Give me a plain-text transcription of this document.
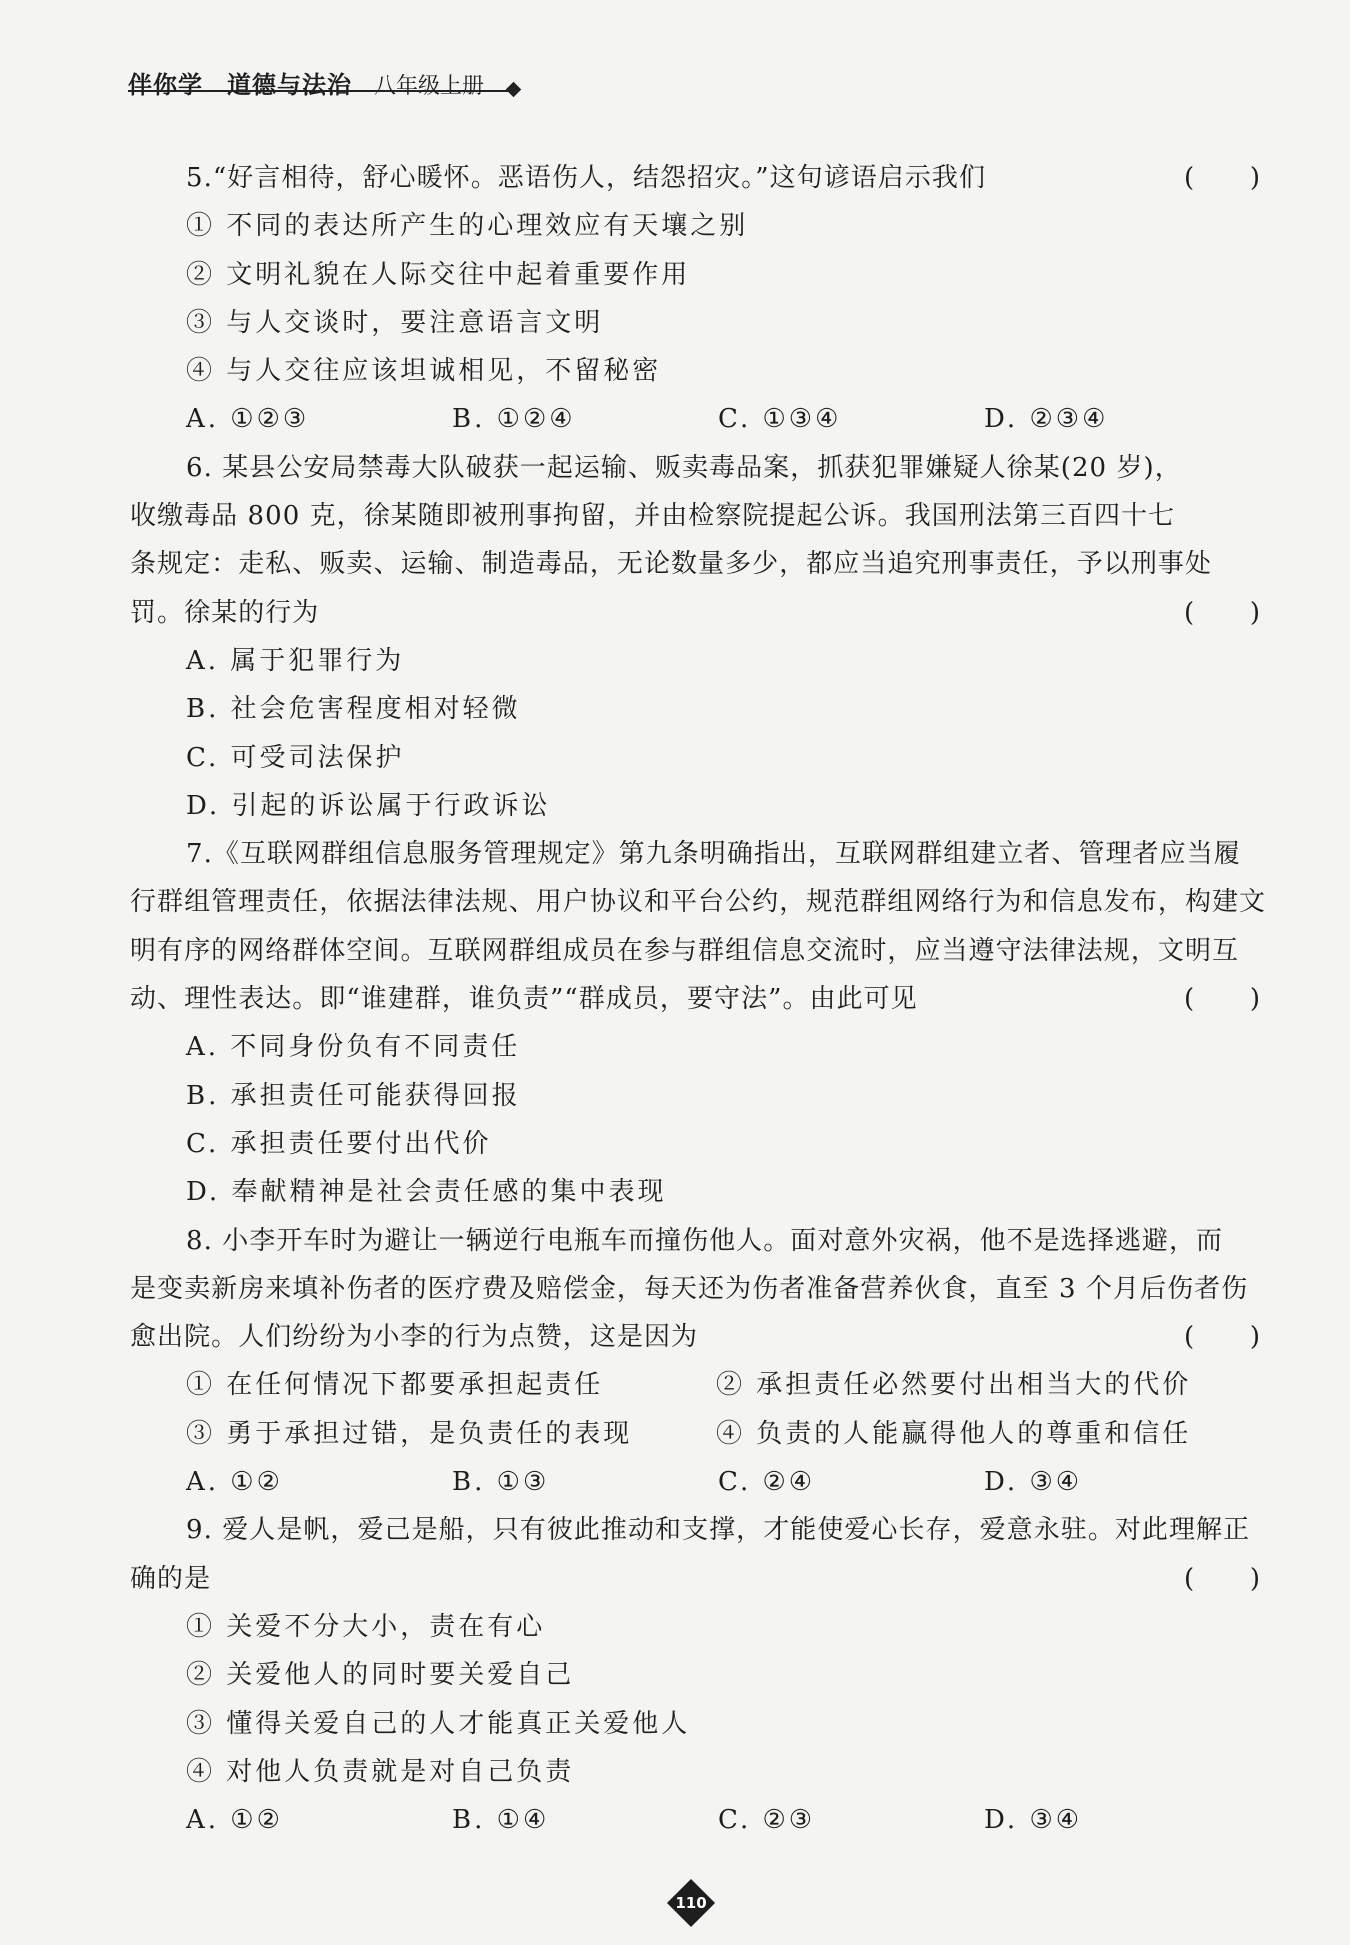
伴你学 道德与法治 八年级上册
5.“好言相待，舒心暖怀。恶语伤人，结怨招灾。”这句谚语启示我们	( )
① 不同的表达所产生的心理效应有天壤之别
② 文明礼貌在人际交往中起着重要作用
③ 与人交谈时，要注意语言文明
④ 与人交往应该坦诚相见，不留秘密
A. ①②③	B. ①②④	C. ①③④	D. ②③④
6. 某县公安局禁毒大队破获一起运输、贩卖毒品案，抓获犯罪嫌疑人徐某(20 岁)，
收缴毒品 800 克，徐某随即被刑事拘留，并由检察院提起公诉。我国刑法第三百四十七
条规定：走私、贩卖、运输、制造毒品，无论数量多少，都应当追究刑事责任，予以刑事处
罚。徐某的行为	( )
A. 属于犯罪行为
B. 社会危害程度相对轻微
C. 可受司法保护
D. 引起的诉讼属于行政诉讼
7.《互联网群组信息服务管理规定》第九条明确指出，互联网群组建立者、管理者应当履
行群组管理责任，依据法律法规、用户协议和平台公约，规范群组网络行为和信息发布，构建文
明有序的网络群体空间。互联网群组成员在参与群组信息交流时，应当遵守法律法规，文明互
动、理性表达。即“谁建群，谁负责”“群成员，要守法”。由此可见	( )
A. 不同身份负有不同责任
B. 承担责任可能获得回报
C. 承担责任要付出代价
D. 奉献精神是社会责任感的集中表现
8. 小李开车时为避让一辆逆行电瓶车而撞伤他人。面对意外灾祸，他不是选择逃避，而
是变卖新房来填补伤者的医疗费及赔偿金，每天还为伤者准备营养伙食，直至 3 个月后伤者伤
愈出院。人们纷纷为小李的行为点赞，这是因为	( )
① 在任何情况下都要承担起责任	② 承担责任必然要付出相当大的代价
③ 勇于承担过错，是负责任的表现	④ 负责的人能赢得他人的尊重和信任
A. ①②	B. ①③	C. ②④	D. ③④
9. 爱人是帆，爱己是船，只有彼此推动和支撑，才能使爱心长存，爱意永驻。对此理解正
确的是	( )
① 关爱不分大小，责在有心
② 关爱他人的同时要关爱自己
③ 懂得关爱自己的人才能真正关爱他人
④ 对他人负责就是对自己负责
A. ①②	B. ①④	C. ②③	D. ③④
110
